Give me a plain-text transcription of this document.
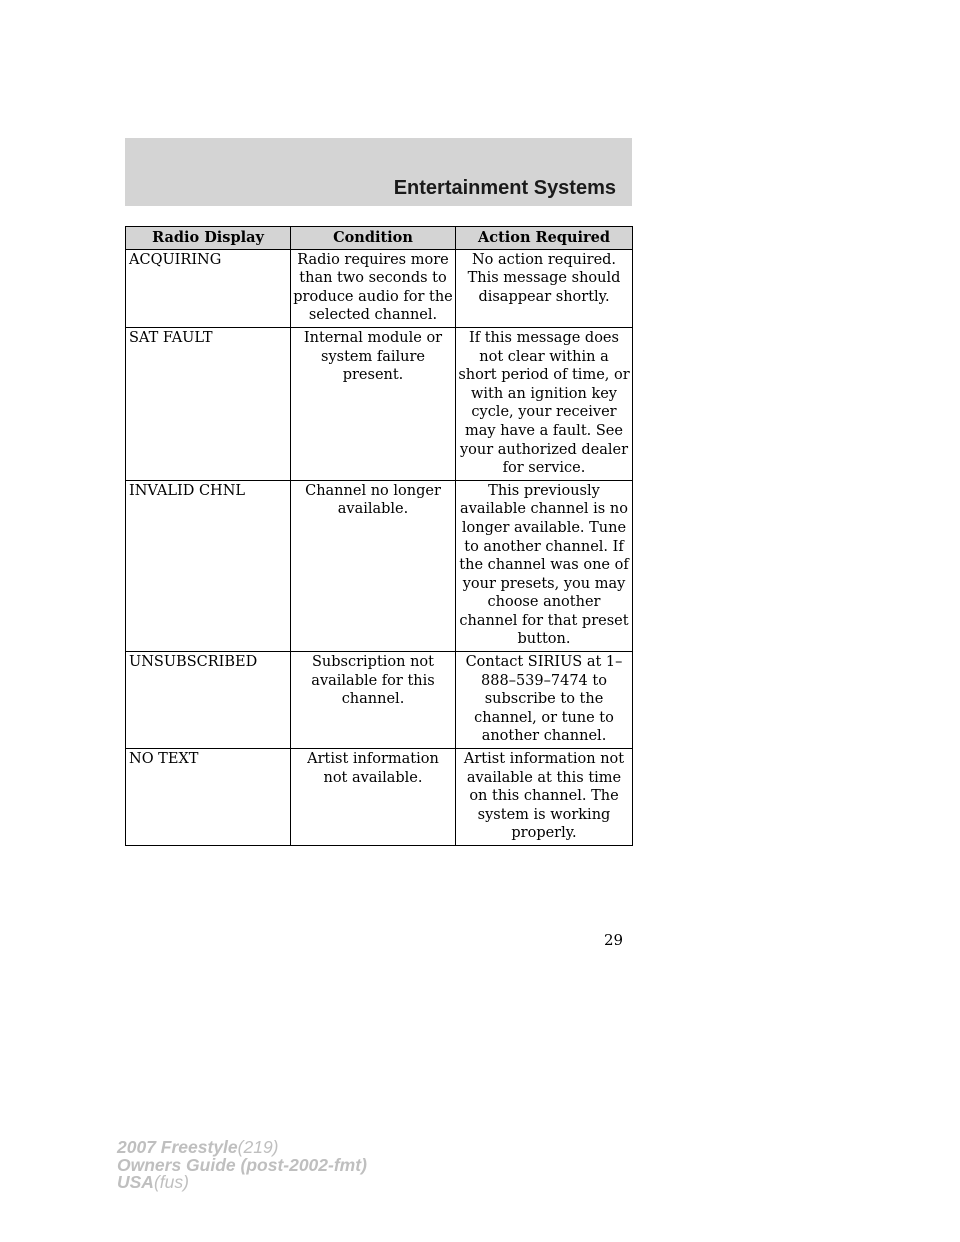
Entertainment Systems
Radio Display	Condition	Action Required
ACQUIRING	Radio requires more than two seconds to produce audio for the selected channel.	No action required. This message should disappear shortly.
SAT FAULT	Internal module or system failure present.	If this message does not clear within a short period of time, or with an ignition key cycle, your receiver may have a fault. See your authorized dealer for service.
INVALID CHNL	Channel no longer available.	This previously available channel is no longer available. Tune to another channel. If the channel was one of your presets, you may choose another channel for that preset button.
UNSUBSCRIBED	Subscription not available for this channel.	Contact SIRIUS at 1–888–539–7474 to subscribe to the channel, or tune to another channel.
NO TEXT	Artist information not available.	Artist information not available at this time on this channel. The system is working properly.
29
2007 Freestyle(219)
Owners Guide (post-2002-fmt)
USA(fus)
